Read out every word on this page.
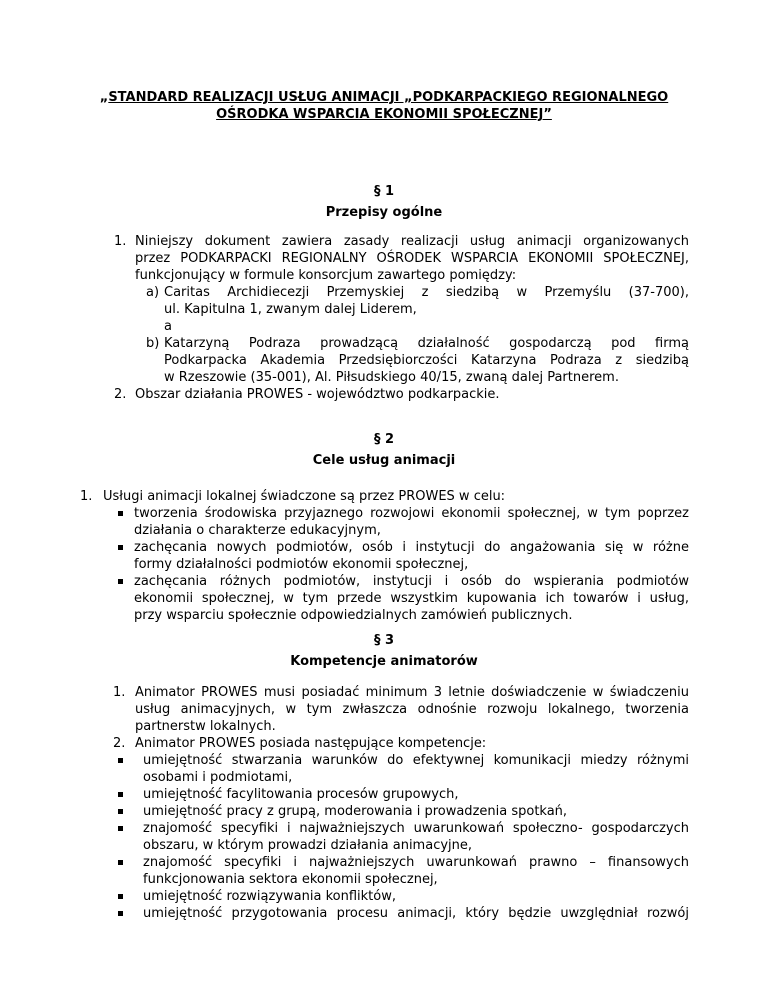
„STANDARD REALIZACJI USŁUG ANIMACJI „PODKARPACKIEGO REGIONALNEGO
OŚRODKA WSPARCIA EKONOMII SPOŁECZNEJ”
§ 1
Przepisy ogólne
1. Niniejszy dokument zawiera zasady realizacji usług animacji organizowanych
przez PODKARPACKI REGIONALNY OŚRODEK WSPARCIA EKONOMII SPOŁECZNEJ,
funkcjonujący w formule konsorcjum zawartego pomiędzy:
a) Caritas Archidiecezji Przemyskiej z siedzibą w Przemyślu (37-700),
ul. Kapitulna 1, zwanym dalej Liderem,
a
b) Katarzyną Podraza prowadzącą działalność gospodarczą pod firmą
Podkarpacka Akademia Przedsiębiorczości Katarzyna Podraza z siedzibą
w Rzeszowie (35-001), Al. Piłsudskiego 40/15, zwaną dalej Partnerem.
2. Obszar działania PROWES - województwo podkarpackie.
§ 2
Cele usług animacji
1. Usługi animacji lokalnej świadczone są przez PROWES w celu:
tworzenia środowiska przyjaznego rozwojowi ekonomii społecznej, w tym poprzez
działania o charakterze edukacyjnym,
zachęcania nowych podmiotów, osób i instytucji do angażowania się w różne
formy działalności podmiotów ekonomii społecznej,
zachęcania różnych podmiotów, instytucji i osób do wspierania podmiotów
ekonomii społecznej, w tym przede wszystkim kupowania ich towarów i usług,
przy wsparciu społecznie odpowiedzialnych zamówień publicznych.
§ 3
Kompetencje animatorów
1. Animator PROWES musi posiadać minimum 3 letnie doświadczenie w świadczeniu
usług animacyjnych, w tym zwłaszcza odnośnie rozwoju lokalnego, tworzenia
partnerstw lokalnych.
2. Animator PROWES posiada następujące kompetencje:
umiejętność stwarzania warunków do efektywnej komunikacji miedzy różnymi
osobami i podmiotami,
umiejętność facylitowania procesów grupowych,
umiejętność pracy z grupą, moderowania i prowadzenia spotkań,
znajomość specyfiki i najważniejszych uwarunkowań społeczno- gospodarczych
obszaru, w którym prowadzi działania animacyjne,
znajomość specyfiki i najważniejszych uwarunkowań prawno – finansowych
funkcjonowania sektora ekonomii społecznej,
umiejętność rozwiązywania konfliktów,
umiejętność przygotowania procesu animacji, który będzie uwzględniał rozwój
